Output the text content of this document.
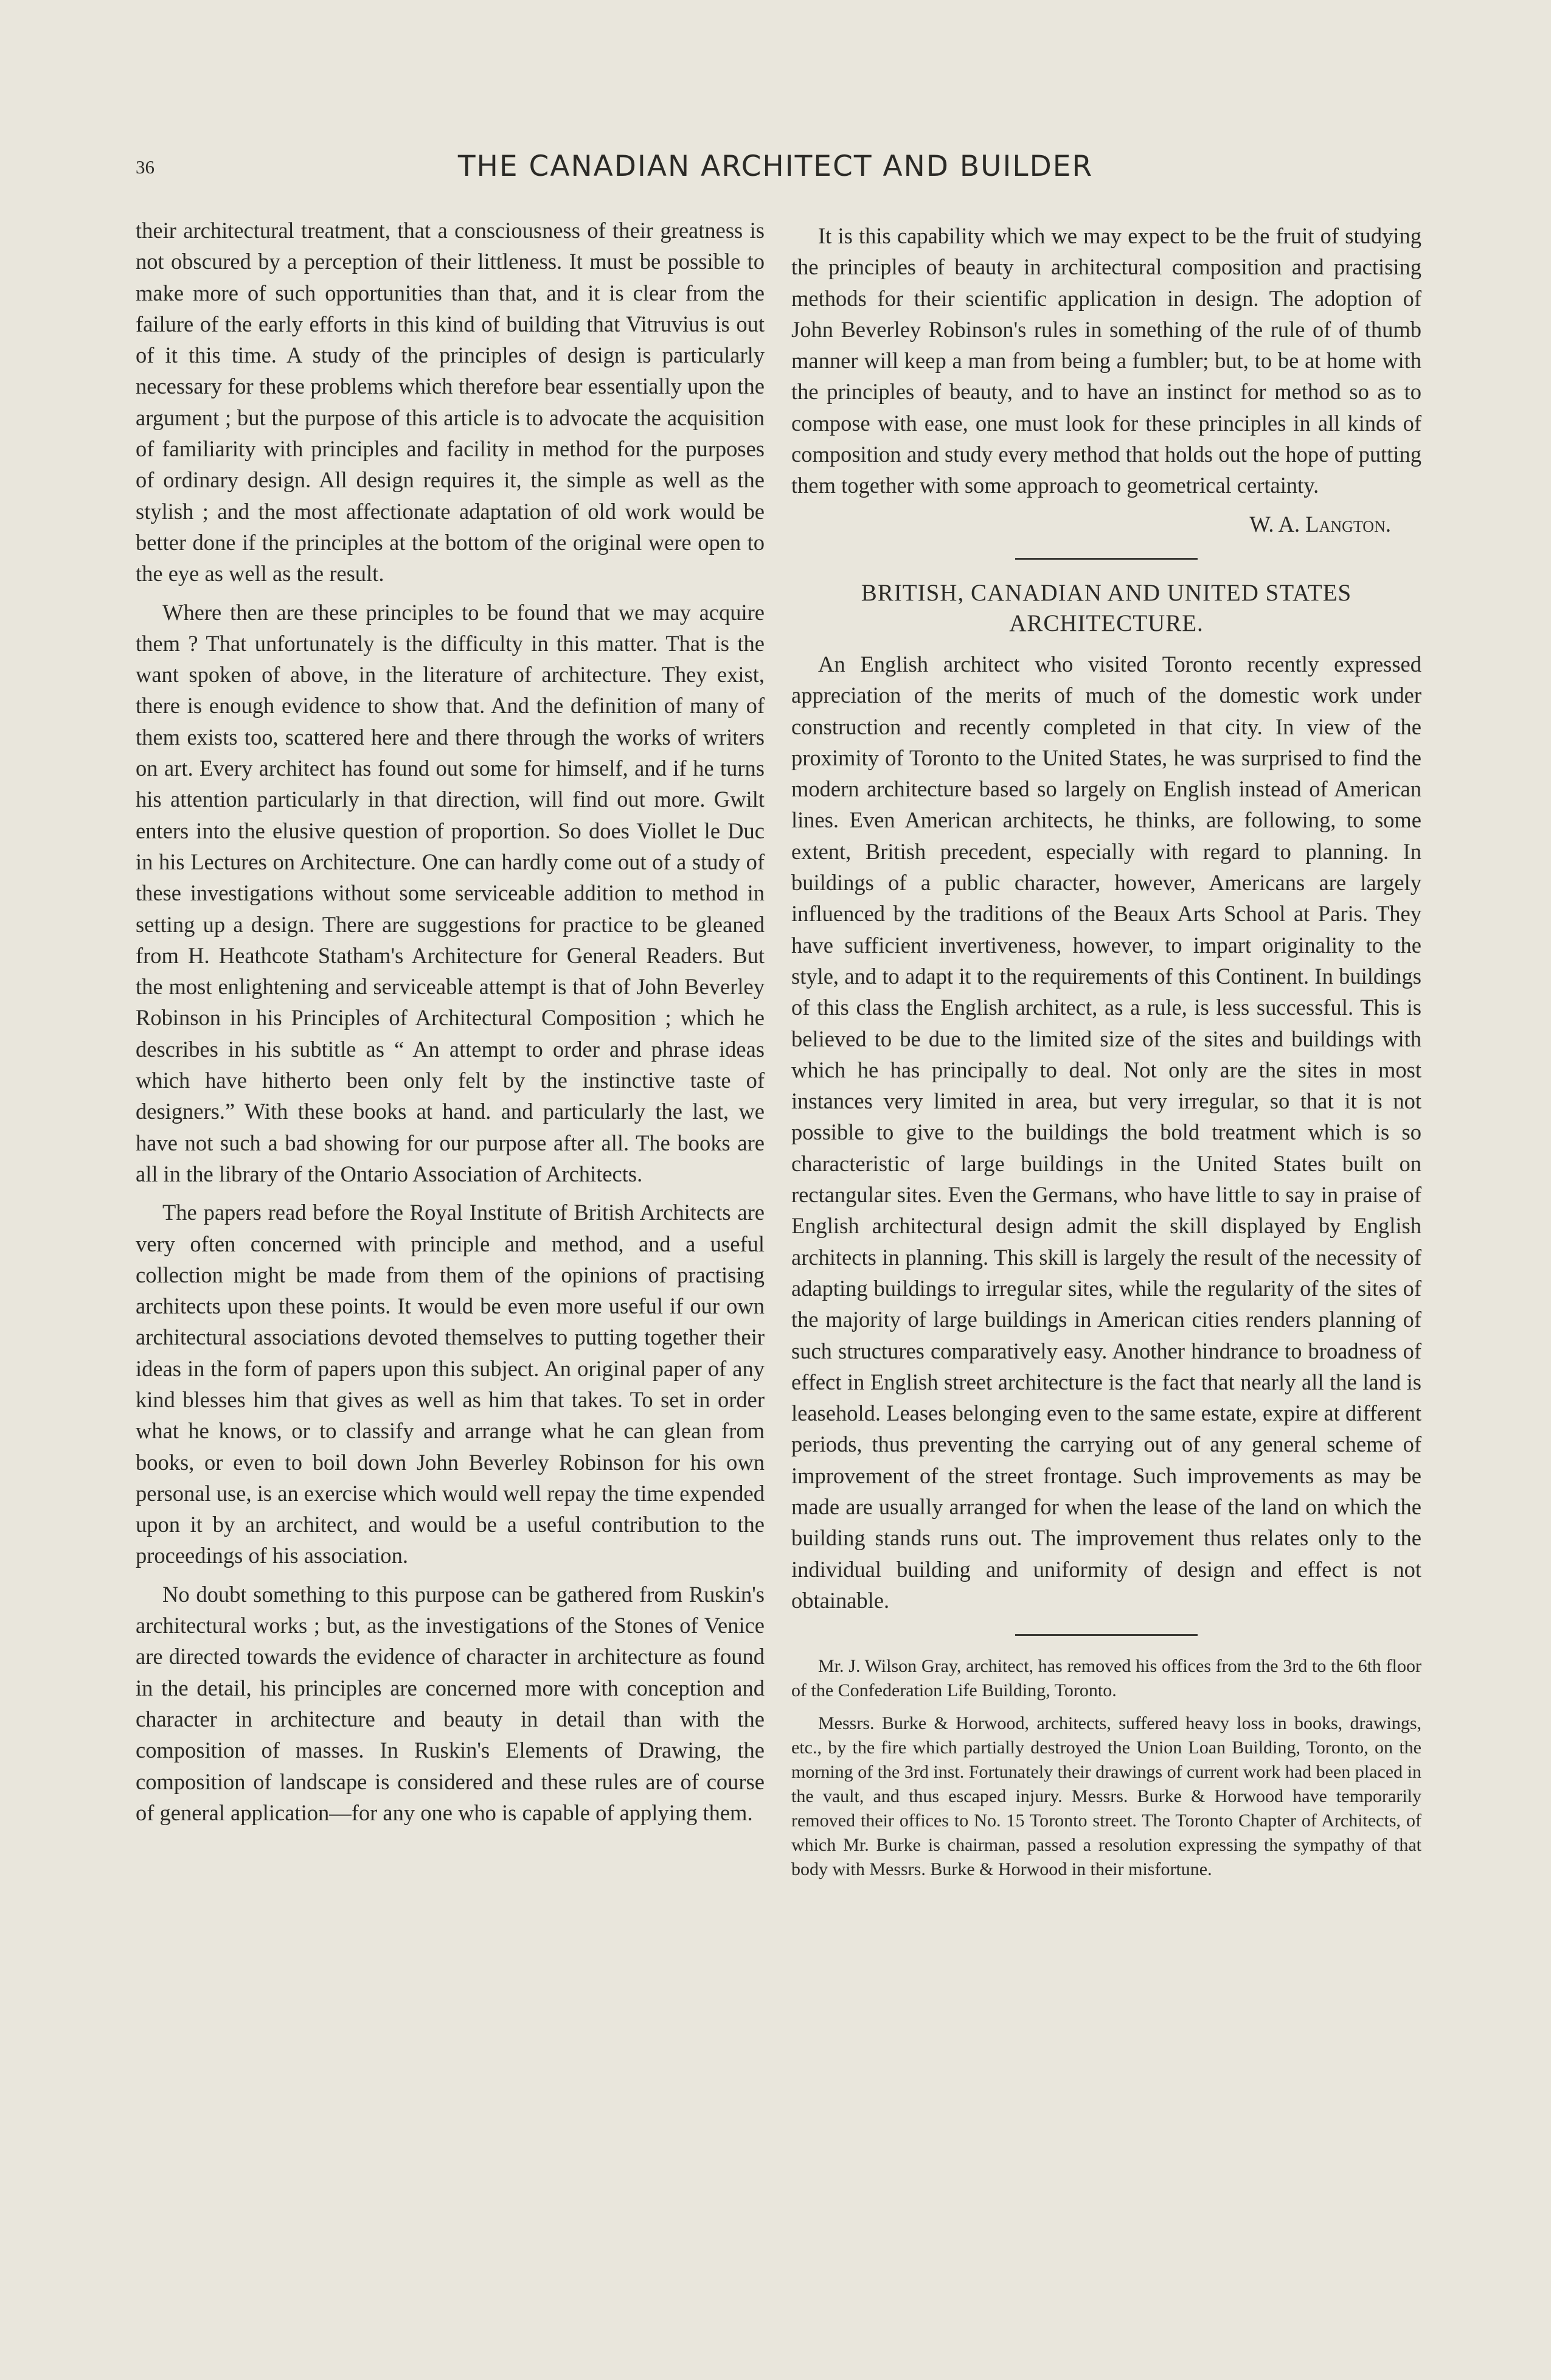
36	THE CANADIAN ARCHITECT AND BUILDER

their architectural treatment, that a consciousness of their greatness is not obscured by a perception of their littleness. It must be possible to make more of such opportunities than that, and it is clear from the failure of the early efforts in this kind of building that Vitruvius is out of it this time. A study of the principles of design is particularly necessary for these problems which therefore bear essentially upon the argument ; but the purpose of this article is to advocate the acquisition of familiarity with principles and facility in method for the purposes of ordinary design. All design requires it, the simple as well as the stylish ; and the most affectionate adaptation of old work would be better done if the principles at the bottom of the original were open to the eye as well as the result.

Where then are these principles to be found that we may acquire them ? That unfortunately is the difficulty in this matter. That is the want spoken of above, in the literature of architecture. They exist, there is enough evidence to show that. And the definition of many of them exists too, scattered here and there through the works of writers on art. Every architect has found out some for himself, and if he turns his attention particularly in that direction, will find out more. Gwilt enters into the elusive question of proportion. So does Viollet le Duc in his Lectures on Architecture. One can hardly come out of a study of these investigations without some serviceable addition to method in setting up a design. There are suggestions for practice to be gleaned from H. Heathcote Statham's Architecture for General Readers. But the most enlightening and serviceable attempt is that of John Beverley Robinson in his Principles of Architectural Composition ; which he describes in his subtitle as “ An attempt to order and phrase ideas which have hitherto been only felt by the instinctive taste of designers.” With these books at hand. and particularly the last, we have not such a bad showing for our purpose after all. The books are all in the library of the Ontario Association of Architects.

The papers read before the Royal Institute of British Architects are very often concerned with principle and method, and a useful collection might be made from them of the opinions of practising architects upon these points. It would be even more useful if our own architectural associations devoted themselves to putting together their ideas in the form of papers upon this subject. An original paper of any kind blesses him that gives as well as him that takes. To set in order what he knows, or to classify and arrange what he can glean from books, or even to boil down John Beverley Robinson for his own personal use, is an exercise which would well repay the time expended upon it by an architect, and would be a useful contribution to the proceedings of his association.

No doubt something to this purpose can be gathered from Ruskin's architectural works ; but, as the investigations of the Stones of Venice are directed towards the evidence of character in architecture as found in the detail, his principles are concerned more with conception and character in architecture and beauty in detail than with the composition of masses. In Ruskin's Elements of Drawing, the composition of landscape is considered and these rules are of course of general application—for any one who is capable of applying them.

It is this capability which we may expect to be the fruit of studying the principles of beauty in architectural composition and practising methods for their scientific application in design. The adoption of John Beverley Robinson's rules in something of the rule of of thumb manner will keep a man from being a fumbler; but, to be at home with the principles of beauty, and to have an instinct for method so as to compose with ease, one must look for these principles in all kinds of composition and study every method that holds out the hope of putting them together with some approach to geometrical certainty.

W. A. Langton.

BRITISH, CANADIAN AND UNITED STATES ARCHITECTURE.

An English architect who visited Toronto recently expressed appreciation of the merits of much of the domestic work under construction and recently completed in that city. In view of the proximity of Toronto to the United States, he was surprised to find the modern architecture based so largely on English instead of American lines. Even American architects, he thinks, are following, to some extent, British precedent, especially with regard to planning. In buildings of a public character, however, Americans are largely influenced by the traditions of the Beaux Arts School at Paris. They have sufficient invertiveness, however, to impart originality to the style, and to adapt it to the requirements of this Continent. In buildings of this class the English architect, as a rule, is less successful. This is believed to be due to the limited size of the sites and buildings with which he has principally to deal. Not only are the sites in most instances very limited in area, but very irregular, so that it is not possible to give to the buildings the bold treatment which is so characteristic of large buildings in the United States built on rectangular sites. Even the Germans, who have little to say in praise of English architectural design admit the skill displayed by English architects in planning. This skill is largely the result of the necessity of adapting buildings to irregular sites, while the regularity of the sites of the majority of large buildings in American cities renders planning of such structures comparatively easy. Another hindrance to broadness of effect in English street architecture is the fact that nearly all the land is leasehold. Leases belonging even to the same estate, expire at different periods, thus preventing the carrying out of any general scheme of improvement of the street frontage. Such improvements as may be made are usually arranged for when the lease of the land on which the building stands runs out. The improvement thus relates only to the individual building and uniformity of design and effect is not obtainable.

Mr. J. Wilson Gray, architect, has removed his offices from the 3rd to the 6th floor of the Confederation Life Building, Toronto.

Messrs. Burke & Horwood, architects, suffered heavy loss in books, drawings, etc., by the fire which partially destroyed the Union Loan Building, Toronto, on the morning of the 3rd inst. Fortunately their drawings of current work had been placed in the vault, and thus escaped injury. Messrs. Burke & Horwood have temporarily removed their offices to No. 15 Toronto street. The Toronto Chapter of Architects, of which Mr. Burke is chairman, passed a resolution expressing the sympathy of that body with Messrs. Burke & Horwood in their misfortune.
